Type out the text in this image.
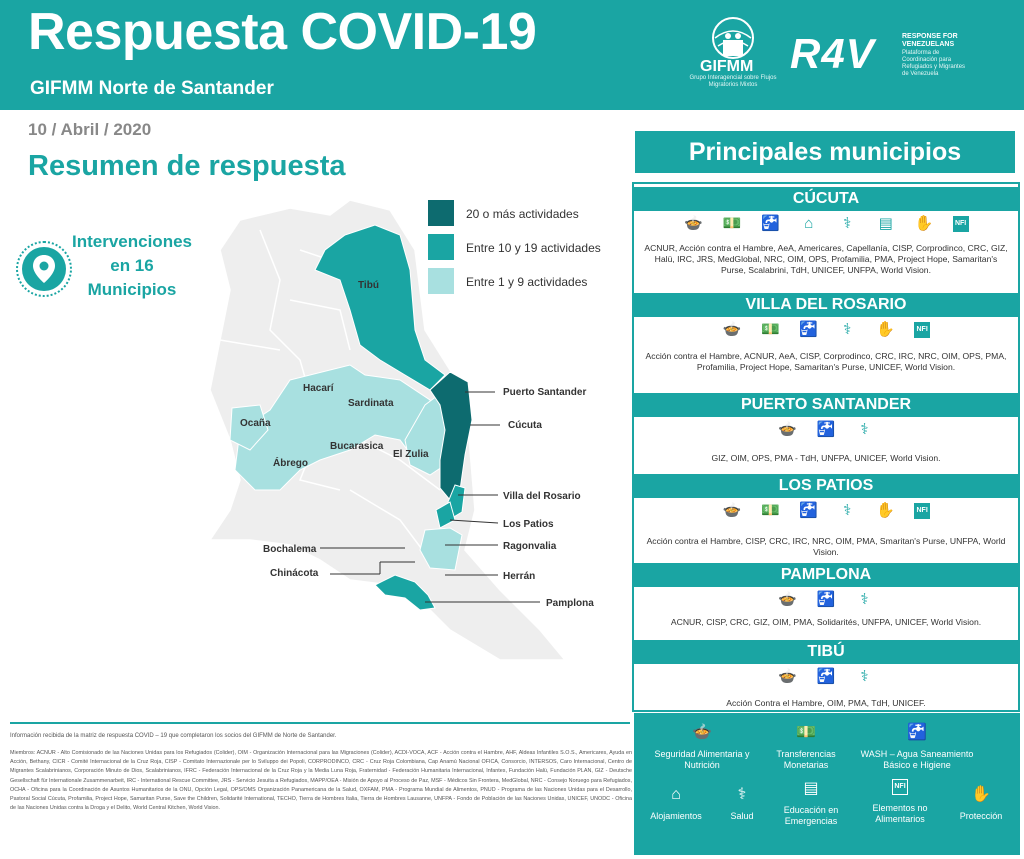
Respuesta COVID-19
GIFMM Norte de Santander
GIFMM
Grupo Interagencial sobre Flujos Migratorios Mixtos
R4V	RESPONSE FOR VENEZUELANS
Plataforma de Coordinación para Refugiados y Migrantes de Venezuela
10 / Abril / 2020
Resumen de respuesta
Intervenciones
en 16
Municipios
20 o más actividades
Entre 10 y 19 actividades
Entre 1 y 9 actividades
Tibú
Hacarí
Sardinata
Ocaña
Bucarasica
El Zulia
Ábrego
Puerto Santander
Cúcuta
Villa del Rosario
Los Patios
Ragonvalia
Bochalema
Chinácota	Herrán
Pamplona
Información recibida de la matriz de respuesta COVID – 19 que completaron los socios del GIFMM de Norte de Santander.
Miembros: ACNUR - Alto Comisionado de las Naciones Unidas para los Refugiados (Colider), OIM - Organización Internacional para las Migraciones (Colider), ACDI-VOCA, ACF - Acción contra el Hambre, AHF, Aldeas Infantiles S.O.S., Americares, Ayuda en Acción, Bethany, CICR - Comité Internacional de la Cruz Roja, CISP - Comitato Internazionale per lo Sviluppo dei Popoli, CORPRODINCO, CRC - Cruz Roja Colombiana, Cap Anamú Nacional OFICA, Consorcio, INTERSOS, Caro Internacional, Centro de Migrantes Scalabrinianos, Corporación Minuto de Dios, Scalabrinianos, IFRC - Federación Internacional de la Cruz Roja y la Media Luna Roja, Fraternidad - Federación Humanitaria Internacional, Infantes, Fundación Halü, Fundación PLAN, GIZ - Deutsche Gesellschaft für Internationale Zusammenarbeit, IRC - International Rescue Committee, JRS - Servicio Jesuita a Refugiados, MAPP/OEA - Misión de Apoyo al Proceso de Paz, MSF - Médicos Sin Frontera, MedGlobal, NRC - Consejo Noruego para Refugiados, OCHA - Oficina para la Coordinación de Asuntos Humanitarios de la ONU, Opción Legal, OPS/OMS Organización Panamericana de la Salud, OXFAM, PMA - Programa Mundial de Alimentos, PNUD - Programa de las Naciones Unidas para el Desarrollo, Pastoral Social Cúcuta, Profamilia, Project Hope, Samaritan Purse, Save the Children, Solidarité International, TECHO, Tierra de Hombres Italia, Tierra de Hombres Lausanne, UNFPA - Fondo de Población de las Naciones Unidas, UNICEF, UNODC - Oficina de las Naciones Unidas contra la Droga y el Delito, World Central Kitchen, World Vision.
Principales municipios
CÚCUTA
🍲 💵 🚰 ⌂ ⚕ ▤ ✋	NFI
ACNUR, Acción contra el Hambre, AeA, Americares, Capellanía, CISP, Corprodinco, CRC, GIZ, Halü, IRC, JRS, MedGlobal, NRC, OIM, OPS, Profamilia, PMA, Project Hope, Samaritan's Purse, Scalabrini, TdH, UNICEF, UNFPA, World Vision.
VILLA DEL ROSARIO
🍲 💵 🚰 ⚕ ✋	NFI
Acción contra el Hambre, ACNUR, AeA, CISP, Corprodinco, CRC, IRC, NRC, OIM, OPS, PMA, Profamilia, Project Hope, Samaritan's Purse, UNICEF, World Vision.
PUERTO SANTANDER
🍲 🚰 ⚕
GIZ, OIM, OPS, PMA - TdH, UNFPA, UNICEF, World Vision.
LOS PATIOS
🍲 💵 🚰 ⚕ ✋	NFI
Acción contra el Hambre, CISP, CRC, IRC, NRC, OIM, PMA, Smaritan's Purse, UNFPA, World Vision.
PAMPLONA
🍲 🚰 ⚕
ACNUR, CISP, CRC, GIZ, OIM, PMA, Solidarités, UNFPA, UNICEF, World Vision.
TIBÚ
🍲 🚰 ⚕
Acción Contra el Hambre, OIM, PMA, TdH, UNICEF.
🍲
Seguridad Alimentaria y Nutrición
💵
Transferencias Monetarias
🚰
WASH – Agua Saneamiento Básico e Higiene
⌂
Alojamientos
⚕
Salud
▤
Educación en Emergencias
NFI
Elementos no Alimentarios
✋
Protección
